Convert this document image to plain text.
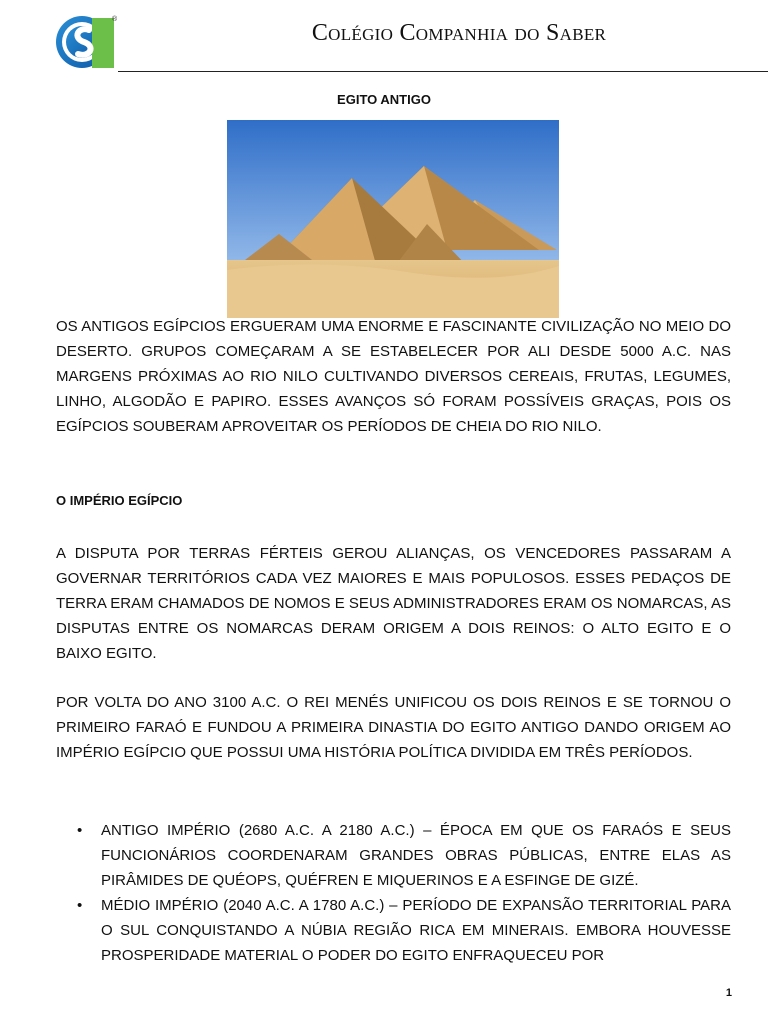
®
Colégio Companhia do Saber
EGITO ANTIGO
OS ANTIGOS EGÍPCIOS ERGUERAM UMA ENORME E FASCINANTE CIVILIZAÇÃO NO MEIO DO DESERTO. GRUPOS COMEÇARAM A SE ESTABELECER POR ALI DESDE 5000 A.C. NAS MARGENS PRÓXIMAS AO RIO NILO CULTIVANDO DIVERSOS CEREAIS, FRUTAS, LEGUMES, LINHO, ALGODÃO E PAPIRO. ESSES AVANÇOS SÓ FORAM POSSÍVEIS GRAÇAS, POIS OS EGÍPCIOS SOUBERAM APROVEITAR OS PERÍODOS DE CHEIA DO RIO NILO.
O IMPÉRIO EGÍPCIO
A DISPUTA POR TERRAS FÉRTEIS GEROU ALIANÇAS, OS VENCEDORES PASSARAM A GOVERNAR TERRITÓRIOS CADA VEZ MAIORES E MAIS POPULOSOS. ESSES PEDAÇOS DE TERRA ERAM CHAMADOS DE NOMOS E SEUS ADMINISTRADORES ERAM OS NOMARCAS, AS DISPUTAS ENTRE OS NOMARCAS DERAM ORIGEM A DOIS REINOS: O ALTO EGITO E O BAIXO EGITO.
POR VOLTA DO ANO 3100 A.C. O REI MENÉS UNIFICOU OS DOIS REINOS E SE TORNOU O PRIMEIRO FARAÓ E FUNDOU A PRIMEIRA DINASTIA DO EGITO ANTIGO DANDO ORIGEM AO IMPÉRIO EGÍPCIO QUE POSSUI UMA HISTÓRIA POLÍTICA DIVIDIDA EM TRÊS PERÍODOS.
• ANTIGO IMPÉRIO (2680 A.C. A 2180 A.C.) – ÉPOCA EM QUE OS FARAÓS E SEUS FUNCIONÁRIOS COORDENARAM GRANDES OBRAS PÚBLICAS, ENTRE ELAS AS PIRÂMIDES DE QUÉOPS, QUÉFREN E MIQUERINOS E A ESFINGE DE GIZÉ.
• MÉDIO IMPÉRIO (2040 A.C. A 1780 A.C.) – PERÍODO DE EXPANSÃO TERRITORIAL PARA O SUL CONQUISTANDO A NÚBIA REGIÃO RICA EM MINERAIS. EMBORA HOUVESSE PROSPERIDADE MATERIAL O PODER DO EGITO ENFRAQUECEU POR
1
